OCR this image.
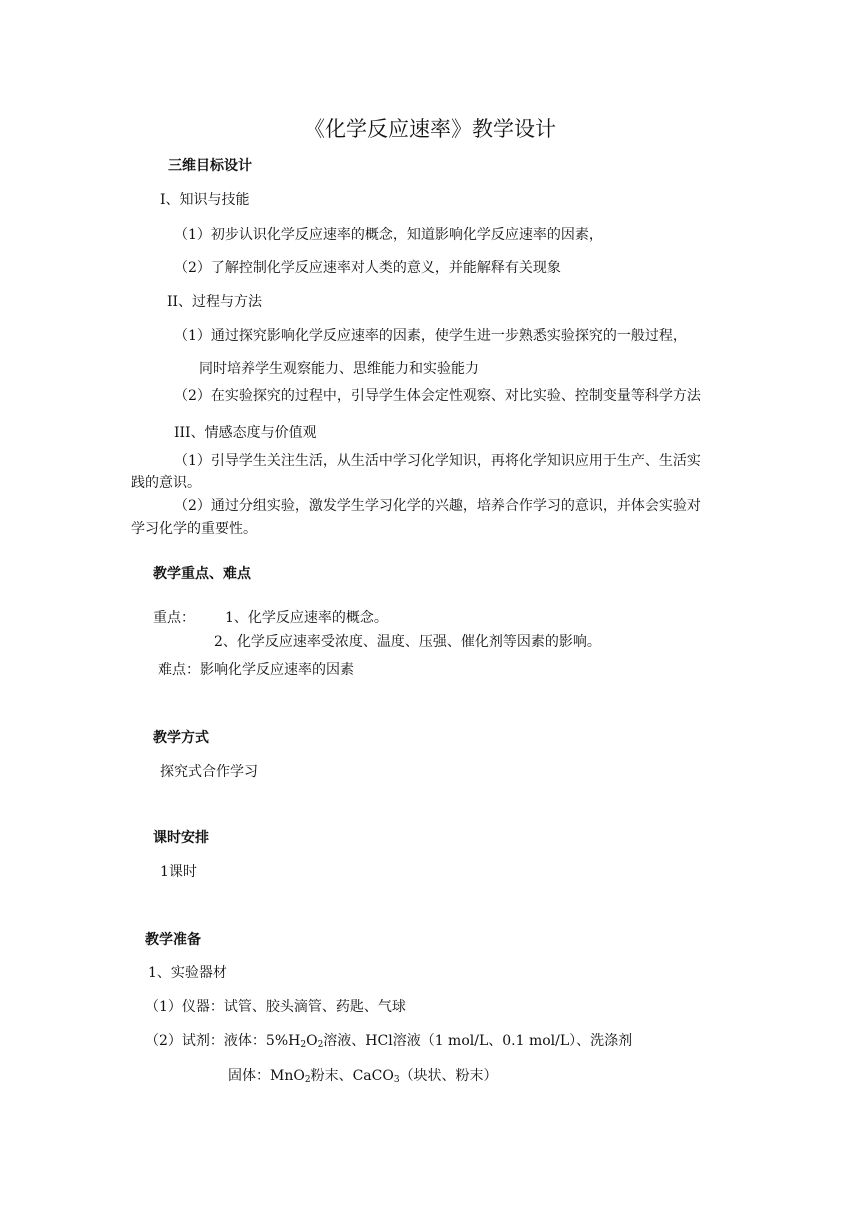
《化学反应速率》教学设计
三维目标设计
I、知识与技能
（1）初步认识化学反应速率的概念，知道影响化学反应速率的因素，
（2）了解控制化学反应速率对人类的意义，并能解释有关现象
II、过程与方法
（1）通过探究影响化学反应速率的因素，使学生进一步熟悉实验探究的一般过程，
同时培养学生观察能力、思维能力和实验能力
（2）在实验探究的过程中，引导学生体会定性观察、对比实验、控制变量等科学方法
III、情感态度与价值观
（1）引导学生关注生活，从生活中学习化学知识，再将化学知识应用于生产、生活实
践的意识。
（2）通过分组实验，激发学生学习化学的兴趣，培养合作学习的意识，并体会实验对
学习化学的重要性。
教学重点、难点
重点： 1、化学反应速率的概念。
2、化学反应速率受浓度、温度、压强、催化剂等因素的影响。
难点：影响化学反应速率的因素
教学方式
探究式合作学习
课时安排
1课时
教学准备
1、实验器材
（1）仪器：试管、胶头滴管、药匙、气球
（2）试剂：液体：$5\%H_2O_2$溶液、HCl溶液（1 mol/L、0.1 mol/L）、洗涤剂
固体：MnO$_2$粉末、CaCO$_3$（块状、粉末）
